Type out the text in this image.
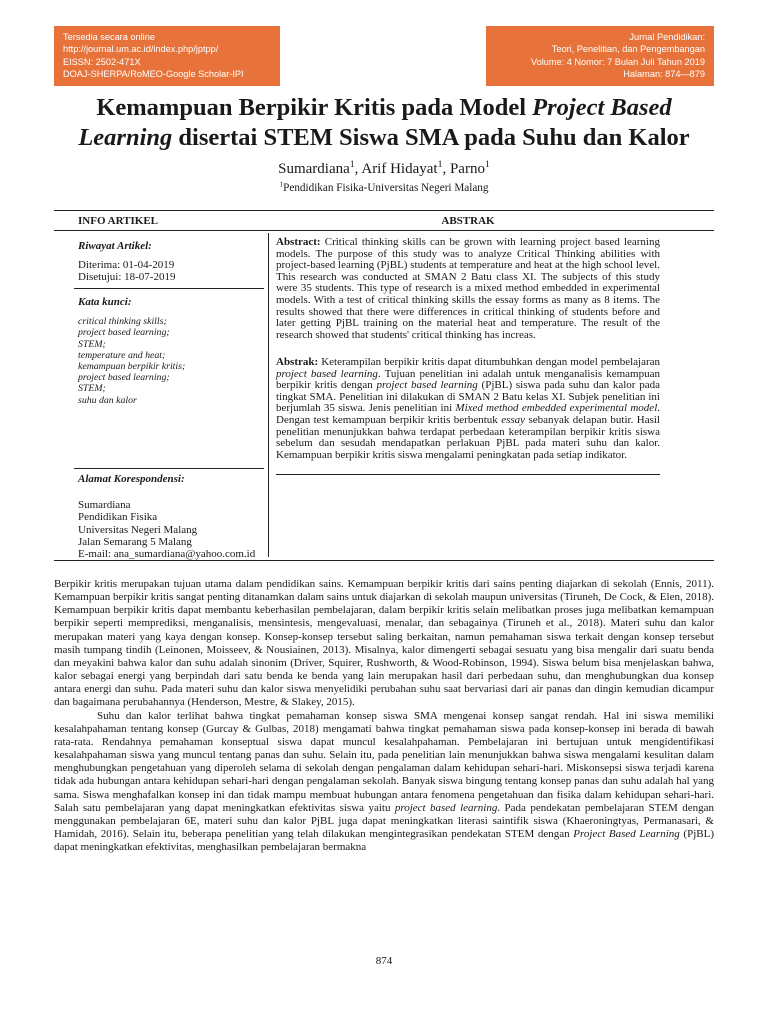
Tersedia secara online
http://journal.um.ac.id/index.php/jptpp/
EISSN: 2502-471X
DOAJ-SHERPA/RoMEO-Google Scholar-IPI
Jurnal Pendidikan:
Teori, Penelitian, dan Pengembangan
Volume: 4 Nomor: 7 Bulan Juli Tahun 2019
Halaman: 874—879
Kemampuan Berpikir Kritis pada Model Project Based Learning disertai STEM Siswa SMA pada Suhu dan Kalor
Sumardiana$^1$, Arif Hidayat$^1$, Parno$^1$
$^1$Pendidikan Fisika-Universitas Negeri Malang
INFO ARTIKEL	ABSTRAK
Riwayat Artikel:
Diterima: 01-04-2019
Disetujui: 18-07-2019
Kata kunci:
critical thinking skills;
project based learning;
STEM;
temperature and heat;
kemampuan berpikir kritis;
project based learning;
STEM;
suhu dan kalor
Alamat Korespondensi:
Sumardiana
Pendidikan Fisika
Universitas Negeri Malang
Jalan Semarang 5 Malang
E-mail: ana_sumardiana@yahoo.com.id
Abstract: Critical thinking skills can be grown with learning project based learning models. The purpose of this study was to analyze Critical Thinking abilities with project-based learning (PjBL) students at temperature and heat at the high school level. This research was conducted at SMAN 2 Batu class XI. The subjects of this study were 35 students. This type of research is a mixed method embedded in experimental models. With a test of critical thinking skills the essay forms as many as 8 items. The results showed that there were differences in critical thinking of students before and later getting PjBL training on the material heat and temperature. The result of the research showed that students' critical thinking has increas.
Abstrak: Keterampilan berpikir kritis dapat ditumbuhkan dengan model pembelajaran project based learning. Tujuan penelitian ini adalah untuk menganalisis kemampuan berpikir kritis dengan project based learning (PjBL) siswa pada suhu dan kalor pada tingkat SMA. Penelitian ini dilakukan di SMAN 2 Batu kelas XI. Subjek penelitian ini berjumlah 35 siswa. Jenis penelitian ini Mixed method embedded experimental model. Dengan test kemampuan berpikir kritis berbentuk essay sebanyak delapan butir. Hasil penelitian menunjukkan bahwa terdapat perbedaan keterampilan berpikir kritis siswa sebelum dan sesudah mendapatkan perlakuan PjBL pada materi suhu dan kalor. Kemampuan berpikir kritis siswa mengalami peningkatan pada setiap indikator.

Berpikir kritis merupakan tujuan utama dalam pendidikan sains. Kemampuan berpikir kritis dari sains penting diajarkan di sekolah (Ennis, 2011). Kemampuan berpikir kritis sangat penting ditanamkan dalam sains untuk diajarkan di sekolah maupun universitas (Tiruneh, De Cock, & Elen, 2018). Kemampuan berpikir kritis dapat membantu keberhasilan pembelajaran, dalam berpikir kritis selain melibatkan proses juga melibatkan kemampuan berpikir seperti memprediksi, menganalisis, mensintesis, mengevaluasi, menalar, dan sebagainya (Tiruneh et al., 2018). Materi suhu dan kalor merupakan materi yang kaya dengan konsep. Konsep-konsep tersebut saling berkaitan, namun pemahaman siswa terkait dengan konsep tersebut masih tumpang tindih (Leinonen, Moisseev, & Nousiainen, 2013). Misalnya, kalor dimengerti sebagai sesuatu yang bisa mengalir dari suatu benda dan meyakini bahwa kalor dan suhu adalah sinonim (Driver, Squirer, Rushworth, & Wood-Robinson, 1994). Siswa belum bisa menjelaskan bahwa, kalor sebagai energi yang berpindah dari satu benda ke benda yang lain merupakan hasil dari perbedaan suhu, dan menghubungkan dua konsep antara energi dan suhu. Pada materi suhu dan kalor siswa menyelidiki perubahan suhu saat bervariasi dari air panas dan dingin kemudian dicampur dan bagaimana perubahannya (Henderson, Mestre, & Slakey, 2015).

Suhu dan kalor terlihat bahwa tingkat pemahaman konsep siswa SMA mengenai konsep sangat rendah. Hal ini siswa memiliki kesalahpahaman tentang konsep (Gurcay & Gulbas, 2018) mengamati bahwa tingkat pemahaman siswa pada konsep-konsep ini berada di bawah rata-rata. Rendahnya pemahaman konseptual siswa dapat muncul kesalahpahaman. Pembelajaran ini bertujuan untuk mengidentifikasi kesalahpahaman siswa yang muncul tentang panas dan suhu. Selain itu, pada penelitian lain menunjukkan bahwa siswa mengalami kesulitan dalam menghubungkan pengetahuan yang diperoleh selama di sekolah dengan pengalaman dalam kehidupan sehari-hari. Miskonsepsi siswa terjadi karena tidak ada hubungan antara kehidupan sehari-hari dengan pengalaman sekolah. Banyak siswa bingung tentang konsep panas dan suhu adalah hal yang sama. Siswa menghafalkan konsep ini dan tidak mampu membuat hubungan antara fenomena pengetahuan dan fisika dalam kehidupan sehari-hari. Salah satu pembelajaran yang dapat meningkatkan efektivitas siswa yaitu project based learning. Pada pendekatan pembelajaran STEM dengan menggunakan pembelajaran 6E, materi suhu dan kalor PjBL juga dapat meningkatkan literasi saintifik siswa (Khaeroningtyas, Permanasari, & Hamidah, 2016). Selain itu, beberapa penelitian yang telah dilakukan mengintegrasikan pendekatan STEM dengan Project Based Learning (PjBL) dapat meningkatkan efektivitas, menghasilkan pembelajaran bermakna

874
